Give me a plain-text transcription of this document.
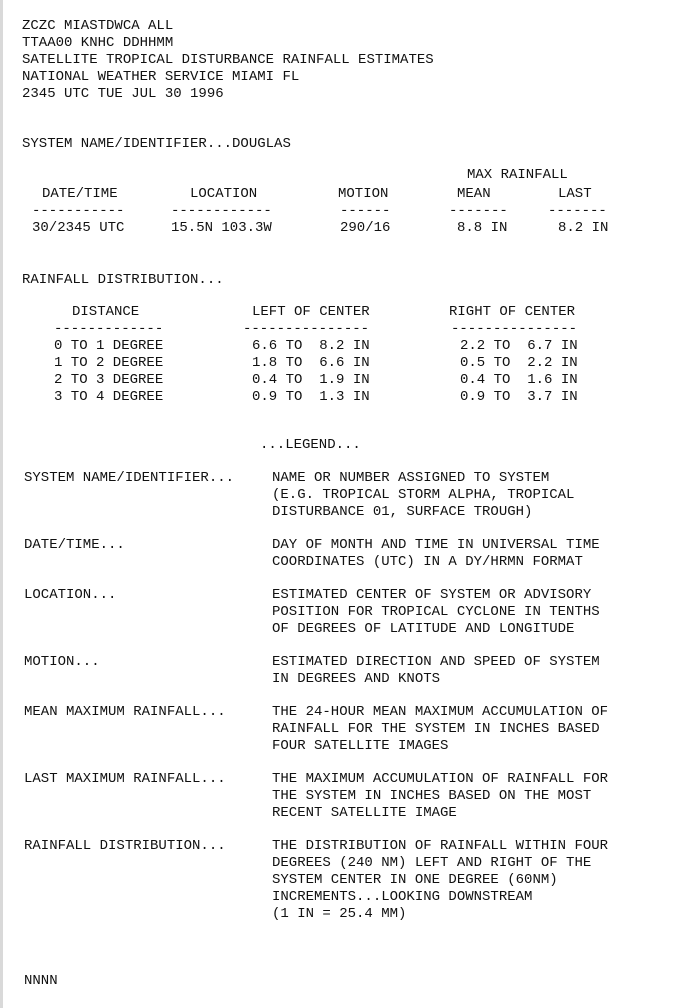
ZCZC MIASTDWCA ALL
TTAA00 KNHC DDHHMM
SATELLITE TROPICAL DISTURBANCE RAINFALL ESTIMATES
NATIONAL WEATHER SERVICE MIAMI FL
2345 UTC TUE JUL 30 1996
SYSTEM NAME/IDENTIFIER...DOUGLAS
MAX RAINFALL
DATE/TIME	LOCATION	MOTION	MEAN	LAST
-----------	------------	------	-------	-------
30/2345 UTC	15.5N 103.3W	290/16	8.8 IN	8.2 IN
RAINFALL DISTRIBUTION...
DISTANCE	LEFT OF CENTER	RIGHT OF CENTER
-------------	---------------	---------------
0 TO 1 DEGREE	6.6 TO  8.2 IN	2.2 TO  6.7 IN
1 TO 2 DEGREE	1.8 TO  6.6 IN	0.5 TO  2.2 IN
2 TO 3 DEGREE	0.4 TO  1.9 IN	0.4 TO  1.6 IN
3 TO 4 DEGREE	0.9 TO  1.3 IN	0.9 TO  3.7 IN
...LEGEND...
SYSTEM NAME/IDENTIFIER...	NAME OR NUMBER ASSIGNED TO SYSTEM
(E.G. TROPICAL STORM ALPHA, TROPICAL
DISTURBANCE 01, SURFACE TROUGH)
DATE/TIME...	DAY OF MONTH AND TIME IN UNIVERSAL TIME
COORDINATES (UTC) IN A DY/HRMN FORMAT
LOCATION...	ESTIMATED CENTER OF SYSTEM OR ADVISORY
POSITION FOR TROPICAL CYCLONE IN TENTHS
OF DEGREES OF LATITUDE AND LONGITUDE
MOTION...	ESTIMATED DIRECTION AND SPEED OF SYSTEM
IN DEGREES AND KNOTS
MEAN MAXIMUM RAINFALL...	THE 24-HOUR MEAN MAXIMUM ACCUMULATION OF
RAINFALL FOR THE SYSTEM IN INCHES BASED
FOUR SATELLITE IMAGES
LAST MAXIMUM RAINFALL...	THE MAXIMUM ACCUMULATION OF RAINFALL FOR
THE SYSTEM IN INCHES BASED ON THE MOST
RECENT SATELLITE IMAGE
RAINFALL DISTRIBUTION...	THE DISTRIBUTION OF RAINFALL WITHIN FOUR
DEGREES (240 NM) LEFT AND RIGHT OF THE
SYSTEM CENTER IN ONE DEGREE (60NM)
INCREMENTS...LOOKING DOWNSTREAM
(1 IN = 25.4 MM)
NNNN
